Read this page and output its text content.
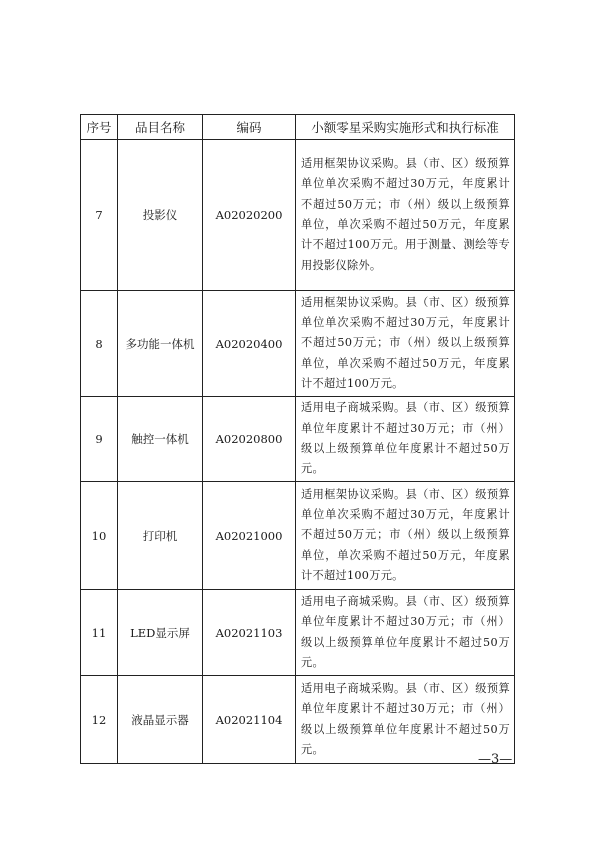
序号	品目名称	编码	小额零星采购实施形式和执行标准
7	投影仪	A02020200	适用框架协议采购。县（市、区）级预算单位单次采购不超过30万元，年度累计不超过50万元；市（州）级以上级预算单位，单次采购不超过50万元，年度累计不超过100万元。用于测量、测绘等专用投影仪除外。
8	多功能一体机	A02020400	适用框架协议采购。县（市、区）级预算单位单次采购不超过30万元，年度累计不超过50万元；市（州）级以上级预算单位，单次采购不超过50万元，年度累计不超过100万元。
9	触控一体机	A02020800	适用电子商城采购。县（市、区）级预算单位年度累计不超过30万元；市（州）级以上级预算单位年度累计不超过50万元。
10	打印机	A02021000	适用框架协议采购。县（市、区）级预算单位单次采购不超过30万元，年度累计不超过50万元；市（州）级以上级预算单位，单次采购不超过50万元，年度累计不超过100万元。
11	LED显示屏	A02021103	适用电子商城采购。县（市、区）级预算单位年度累计不超过30万元；市（州）级以上级预算单位年度累计不超过50万元。
12	液晶显示器	A02021104	适用电子商城采购。县（市、区）级预算单位年度累计不超过30万元；市（州）级以上级预算单位年度累计不超过50万元。
—3—
